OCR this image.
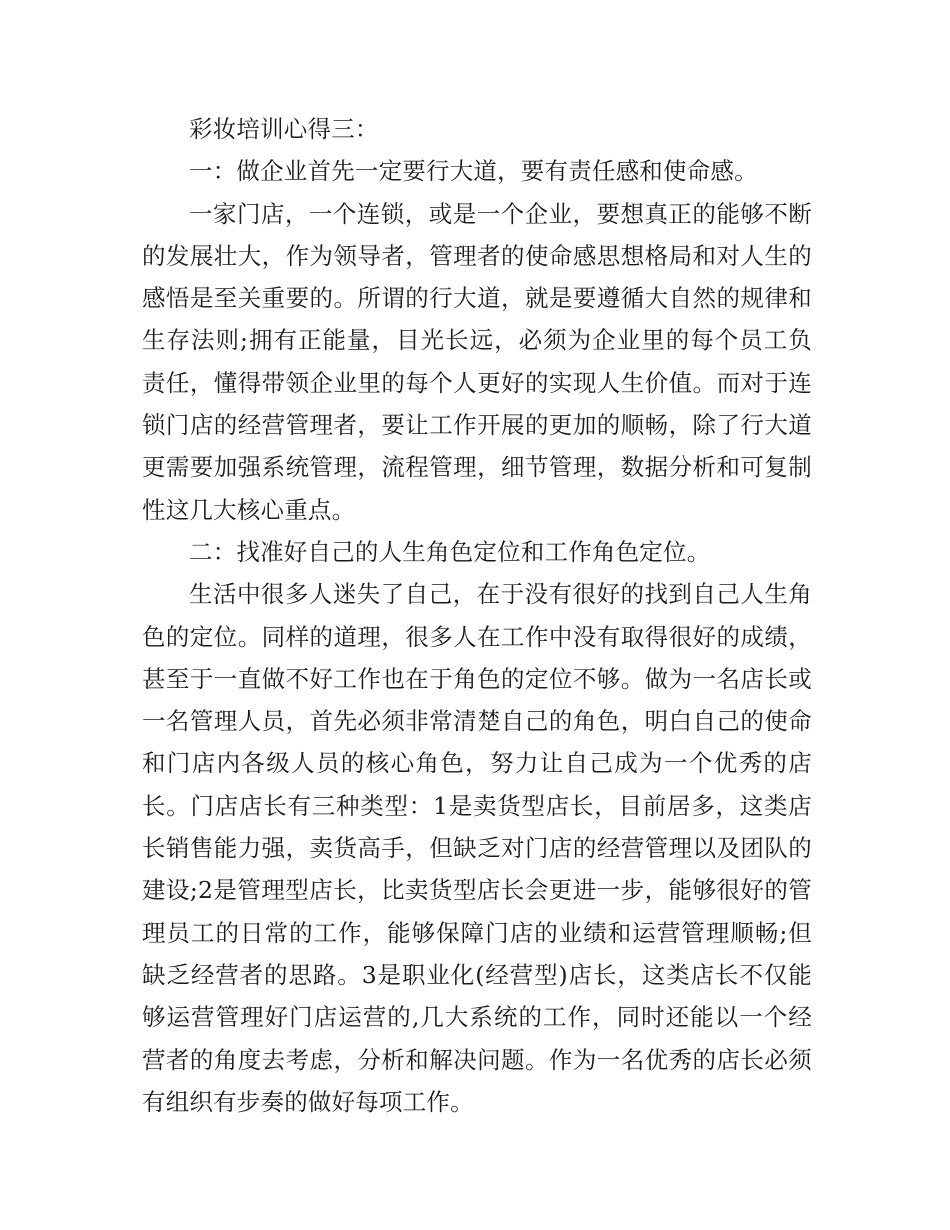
彩妆培训心得三：

一：做企业首先一定要行大道，要有责任感和使命感。

一家门店，一个连锁，或是一个企业，要想真正的能够不断的发展壮大，作为领导者，管理者的使命感思想格局和对人生的感悟是至关重要的。所谓的行大道，就是要遵循大自然的规律和生存法则;拥有正能量，目光长远，必须为企业里的每个员工负责任，懂得带领企业里的每个人更好的实现人生价值。而对于连锁门店的经营管理者，要让工作开展的更加的顺畅，除了行大道更需要加强系统管理，流程管理，细节管理，数据分析和可复制性这几大核心重点。

二：找准好自己的人生角色定位和工作角色定位。

生活中很多人迷失了自己，在于没有很好的找到自己人生角色的定位。同样的道理，很多人在工作中没有取得很好的成绩，甚至于一直做不好工作也在于角色的定位不够。做为一名店长或一名管理人员，首先必须非常清楚自己的角色，明白自己的使命和门店内各级人员的核心角色，努力让自己成为一个优秀的店长。门店店长有三种类型：1是卖货型店长，目前居多，这类店长销售能力强，卖货高手，但缺乏对门店的经营管理以及团队的建设;2是管理型店长，比卖货型店长会更进一步，能够很好的管理员工的日常的工作，能够保障门店的业绩和运营管理顺畅;但缺乏经营者的思路。3是职业化(经营型)店长，这类店长不仅能够运营管理好门店运营的,几大系统的工作，同时还能以一个经营者的角度去考虑，分析和解决问题。作为一名优秀的店长必须有组织有步奏的做好每项工作。
